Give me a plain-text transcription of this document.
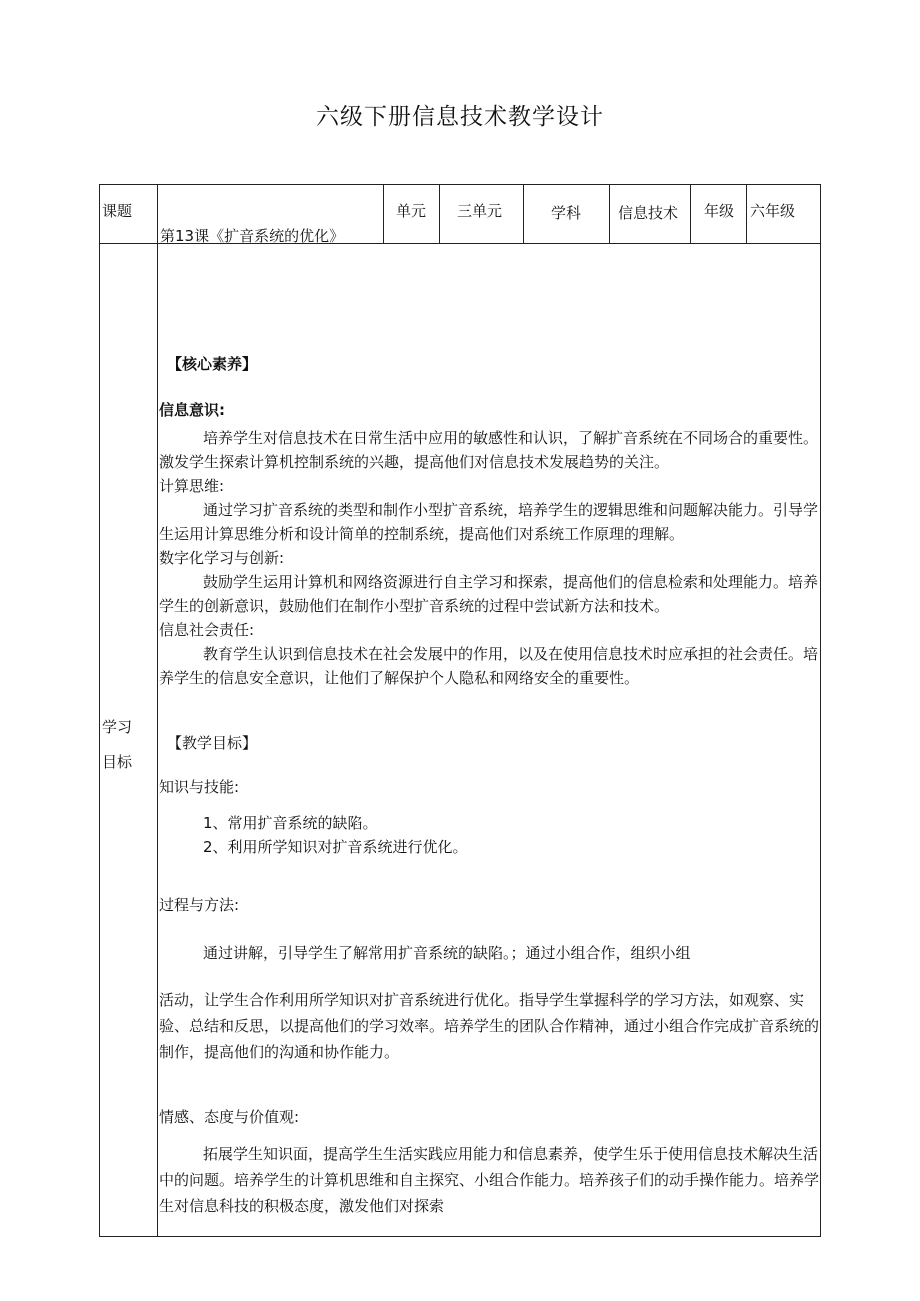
六级下册信息技术教学设计
课题
第13课《扩音系统的优化》
单元 三单元	学科 信息技术 年级 六年级
学习
目标

【核心素养】

信息意识:

培养学生对信息技术在日常生活中应用的敏感性和认识，了解扩音系统在不同场合的重要性。激发学生探索计算机控制系统的兴趣，提高他们对信息技术发展趋势的关注。

计算思维:

通过学习扩音系统的类型和制作小型扩音系统，培养学生的逻辑思维和问题解决能力。引导学生运用计算思维分析和设计简单的控制系统，提高他们对系统工作原理的理解。

数字化学习与创新:

鼓励学生运用计算机和网络资源进行自主学习和探索，提高他们的信息检索和处理能力。培养学生的创新意识，鼓励他们在制作小型扩音系统的过程中尝试新方法和技术。

信息社会责任:

教育学生认识到信息技术在社会发展中的作用，以及在使用信息技术时应承担的社会责任。培养学生的信息安全意识，让他们了解保护个人隐私和网络安全的重要性。

【教学目标】

知识与技能:

1、常用扩音系统的缺陷。

2、利用所学知识对扩音系统进行优化。

过程与方法:

通过讲解，引导学生了解常用扩音系统的缺陷。；通过小组合作，组织小组

活动，让学生合作利用所学知识对扩音系统进行优化。指导学生掌握科学的学习方法，如观察、实验、总结和反思，以提高他们的学习效率。培养学生的团队合作精神，通过小组合作完成扩音系统的制作，提高他们的沟通和协作能力。

情感、态度与价值观:

拓展学生知识面，提高学生生活实践应用能力和信息素养，使学生乐于使用信息技术解决生活中的问题。培养学生的计算机思维和自主探究、小组合作能力。培养孩子们的动手操作能力。培养学生对信息科技的积极态度，激发他们对探索
